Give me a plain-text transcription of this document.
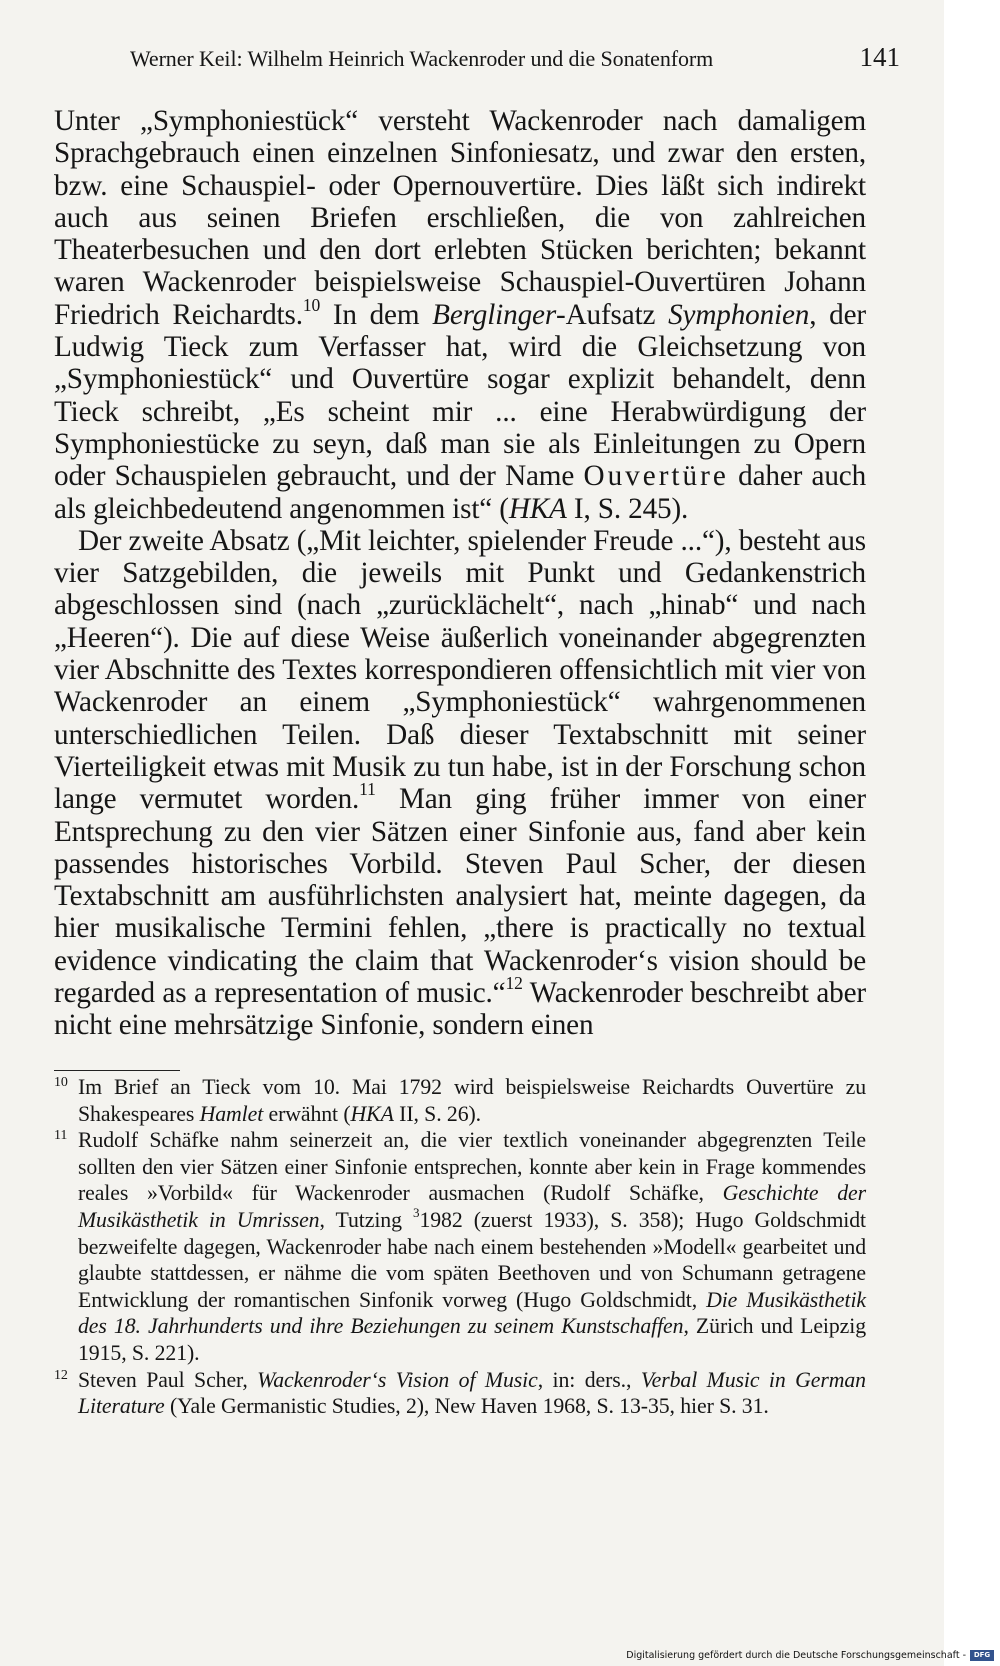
Werner Keil: Wilhelm Heinrich Wackenroder und die Sonatenform	141

Unter „Symphoniestück“ versteht Wackenroder nach damaligem Sprachgebrauch einen einzelnen Sinfoniesatz, und zwar den ersten, bzw. eine Schauspiel- oder Opernouvertüre. Dies läßt sich indirekt auch aus seinen Briefen erschließen, die von zahlreichen Theaterbesuchen und den dort erlebten Stücken berichten; bekannt waren Wackenroder beispielsweise Schauspiel-Ouvertüren Johann Friedrich Reichardts.$^{10}$ In dem Berglinger-Aufsatz Symphonien, der Ludwig Tieck zum Verfasser hat, wird die Gleichsetzung von „Symphoniestück“ und Ouvertüre sogar explizit behandelt, denn Tieck schreibt, „Es scheint mir ... eine Herabwürdigung der Symphoniestücke zu seyn, daß man sie als Einleitungen zu Opern oder Schauspielen gebraucht, und der Name Ouvertüre daher auch als gleichbedeutend angenommen ist“ (HKA I, S. 245).

Der zweite Absatz („Mit leichter, spielender Freude ...“), besteht aus vier Satzgebilden, die jeweils mit Punkt und Gedankenstrich abgeschlossen sind (nach „zurücklächelt“, nach „hinab“ und nach „Heeren“). Die auf diese Weise äußerlich voneinander abgegrenzten vier Abschnitte des Textes korrespondieren offensichtlich mit vier von Wackenroder an einem „Symphoniestück“ wahrgenommenen unterschiedlichen Teilen. Daß dieser Textabschnitt mit seiner Vierteiligkeit etwas mit Musik zu tun habe, ist in der Forschung schon lange vermutet worden.$^{11}$ Man ging früher immer von einer Entsprechung zu den vier Sätzen einer Sinfonie aus, fand aber kein passendes historisches Vorbild. Steven Paul Scher, der diesen Textabschnitt am ausführlichsten analysiert hat, meinte dagegen, da hier musikalische Termini fehlen, „there is practically no textual evidence vindicating the claim that Wackenroder‘s vision should be regarded as a representation of music.“$^{12}$ Wackenroder beschreibt aber nicht eine mehrsätzige Sinfonie, sondern einen

10 Im Brief an Tieck vom 10. Mai 1792 wird beispielsweise Reichardts Ouvertüre zu Shakespeares Hamlet erwähnt (HKA II, S. 26).
11 Rudolf Schäfke nahm seinerzeit an, die vier textlich voneinander abgegrenzten Teile sollten den vier Sätzen einer Sinfonie entsprechen, konnte aber kein in Frage kommendes reales »Vorbild« für Wackenroder ausmachen (Rudolf Schäfke, Geschichte der Musikästhetik in Umrissen, Tutzing $^3$1982 (zuerst 1933), S. 358); Hugo Goldschmidt bezweifelte dagegen, Wackenroder habe nach einem bestehenden »Modell« gearbeitet und glaubte stattdessen, er nähme die vom späten Beethoven und von Schumann getragene Entwicklung der romantischen Sinfonik vorweg (Hugo Goldschmidt, Die Musikästhetik des 18. Jahrhunderts und ihre Beziehungen zu seinem Kunstschaffen, Zürich und Leipzig 1915, S. 221).
12 Steven Paul Scher, Wackenroder‘s Vision of Music, in: ders., Verbal Music in German Literature (Yale Germanistic Studies, 2), New Haven 1968, S. 13-35, hier S. 31.
Digitalisierung gefördert durch die Deutsche Forschungsgemeinschaft -	DFG
